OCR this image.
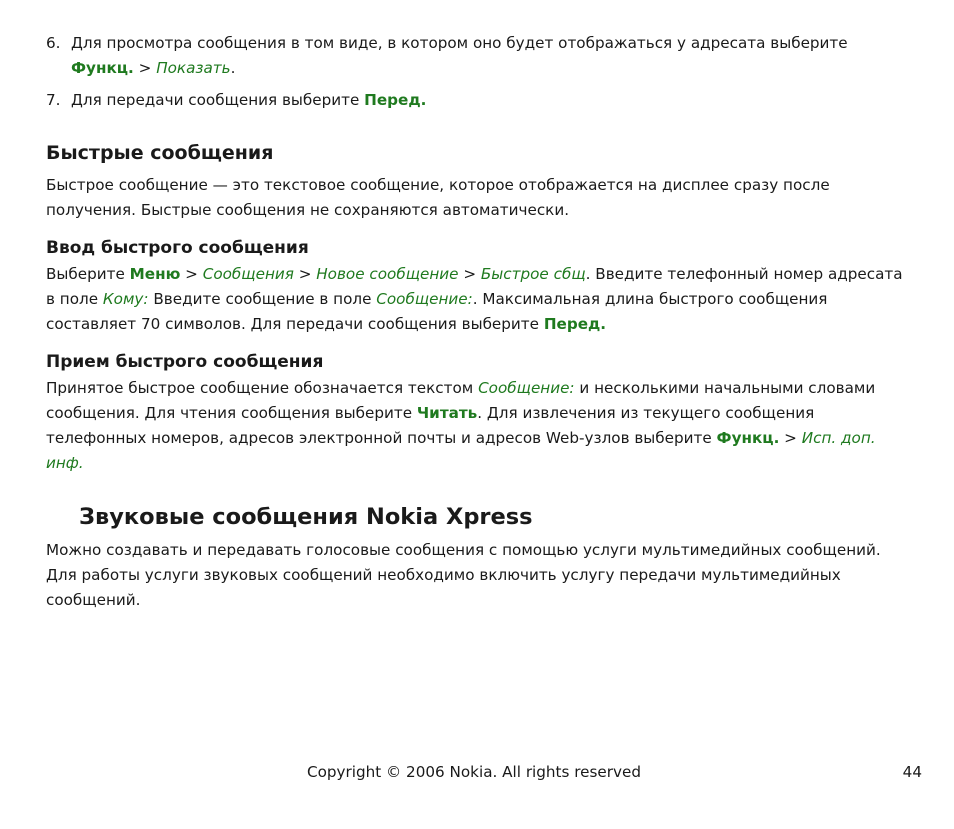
6. Для просмотра сообщения в том виде, в котором оно будет отображаться у адресата выберите Функц. > Показать.
7. Для передачи сообщения выберите Перед.
Быстрые сообщения
Быстрое сообщение — это текстовое сообщение, которое отображается на дисплее сразу после получения. Быстрые сообщения не сохраняются автоматически.
Ввод быстрого сообщения
Выберите Меню > Сообщения > Новое сообщение > Быстрое сбщ. Введите телефонный номер адресата в поле Кому: Введите сообщение в поле Сообщение:. Максимальная длина быстрого сообщения составляет 70 символов. Для передачи сообщения выберите Перед.
Прием быстрого сообщения
Принятое быстрое сообщение обозначается текстом Сообщение: и несколькими начальными словами сообщения. Для чтения сообщения выберите Читать. Для извлечения из текущего сообщения телефонных номеров, адресов электронной почты и адресов Web-узлов выберите Функц. > Исп. доп. инф.
Звуковые сообщения Nokia Xpress
Можно создавать и передавать голосовые сообщения с помощью услуги мультимедийных сообщений. Для работы услуги звуковых сообщений необходимо включить услугу передачи мультимедийных сообщений.
Copyright © 2006 Nokia. All rights reserved	44
